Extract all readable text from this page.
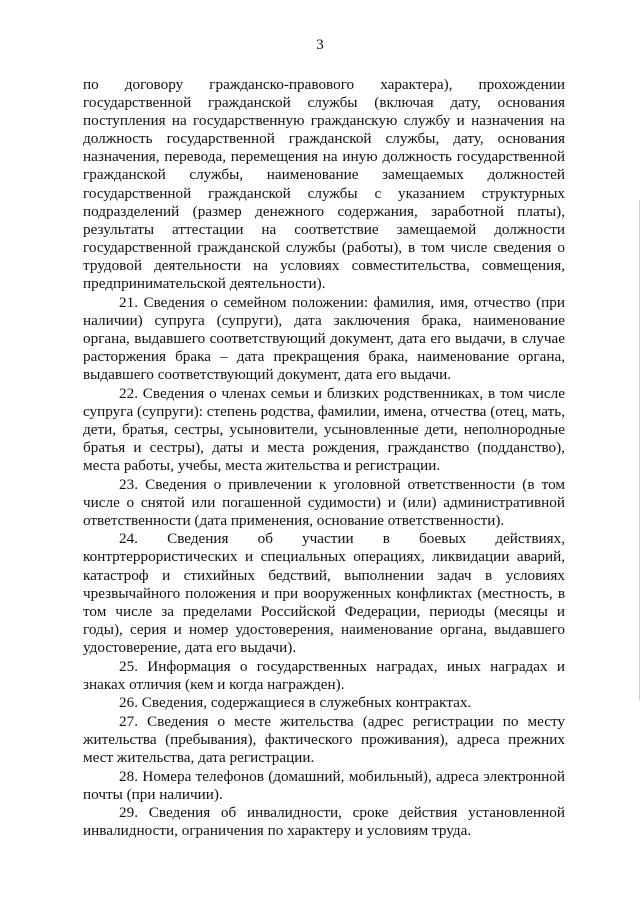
3

по договору гражданско-правового характера), прохождении государственной гражданской службы (включая дату, основания поступления на государственную гражданскую службу и назначения на должность государственной гражданской службы, дату, основания назначения, перевода, перемещения на иную должность государственной гражданской службы, наименование замещаемых должностей государственной гражданской службы с указанием структурных подразделений (размер денежного содержания, заработной платы), результаты аттестации на соответствие замещаемой должности государственной гражданской службы (работы), в том числе сведения о трудовой деятельности на условиях совместительства, совмещения, предпринимательской деятельности).

21. Сведения о семейном положении: фамилия, имя, отчество (при наличии) супруга (супруги), дата заключения брака, наименование органа, выдавшего соответствующий документ, дата его выдачи, в случае расторжения брака – дата прекращения брака, наименование органа, выдавшего соответствующий документ, дата его выдачи.

22. Сведения о членах семьи и близких родственниках, в том числе супруга (супруги): степень родства, фамилии, имена, отчества (отец, мать, дети, братья, сестры, усыновители, усыновленные дети, неполнородные братья и сестры), даты и места рождения, гражданство (подданство), места работы, учебы, места жительства и регистрации.

23. Сведения о привлечении к уголовной ответственности (в том числе о снятой или погашенной судимости) и (или) административной ответственности (дата применения, основание ответственности).

24. Сведения об участии в боевых действиях, контртеррористических и специальных операциях, ликвидации аварий, катастроф и стихийных бедствий, выполнении задач в условиях чрезвычайного положения и при вооруженных конфликтах (местность, в том числе за пределами Российской Федерации, периоды (месяцы и годы), серия и номер удостоверения, наименование органа, выдавшего удостоверение, дата его выдачи).

25. Информация о государственных наградах, иных наградах и знаках отличия (кем и когда награжден).

26. Сведения, содержащиеся в служебных контрактах.

27. Сведения о месте жительства (адрес регистрации по месту жительства (пребывания), фактического проживания), адреса прежних мест жительства, дата регистрации.

28. Номера телефонов (домашний, мобильный), адреса электронной почты (при наличии).

29. Сведения об инвалидности, сроке действия установленной инвалидности, ограничения по характеру и условиям труда.
